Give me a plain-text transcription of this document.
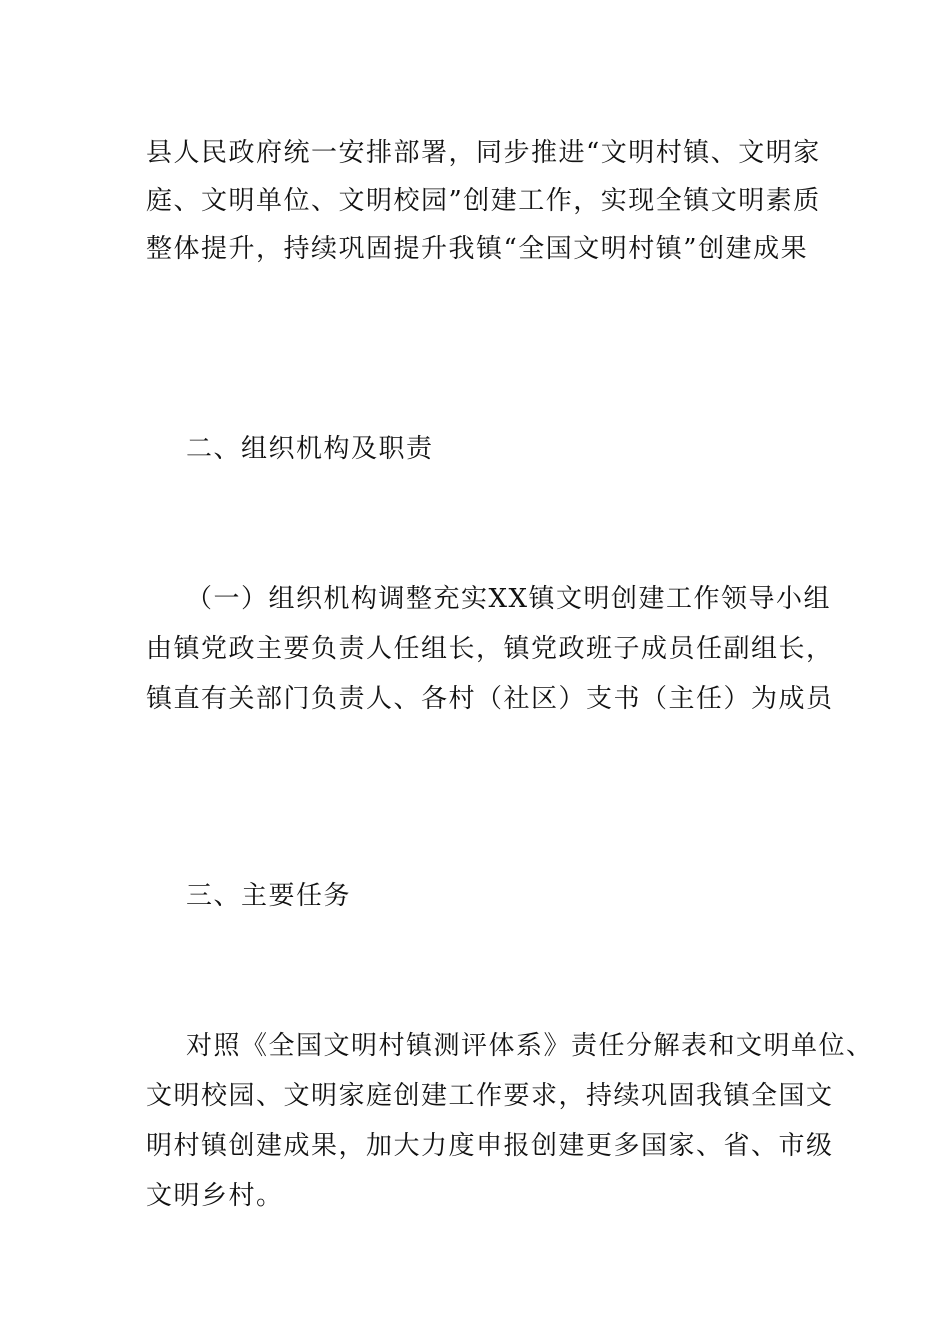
县人民政府统一安排部署，同步推进“文明村镇、文明家
庭、文明单位、文明校园”创建工作，实现全镇文明素质
整体提升，持续巩固提升我镇“全国文明村镇”创建成果
二、组织机构及职责
（一）组织机构调整充实XX镇文明创建工作领导小组
由镇党政主要负责人任组长，镇党政班子成员任副组长，
镇直有关部门负责人、各村（社区）支书（主任）为成员
三、主要任务
对照《全国文明村镇测评体系》责任分解表和文明单位、
文明校园、文明家庭创建工作要求，持续巩固我镇全国文
明村镇创建成果，加大力度申报创建更多国家、省、市级
文明乡村。
